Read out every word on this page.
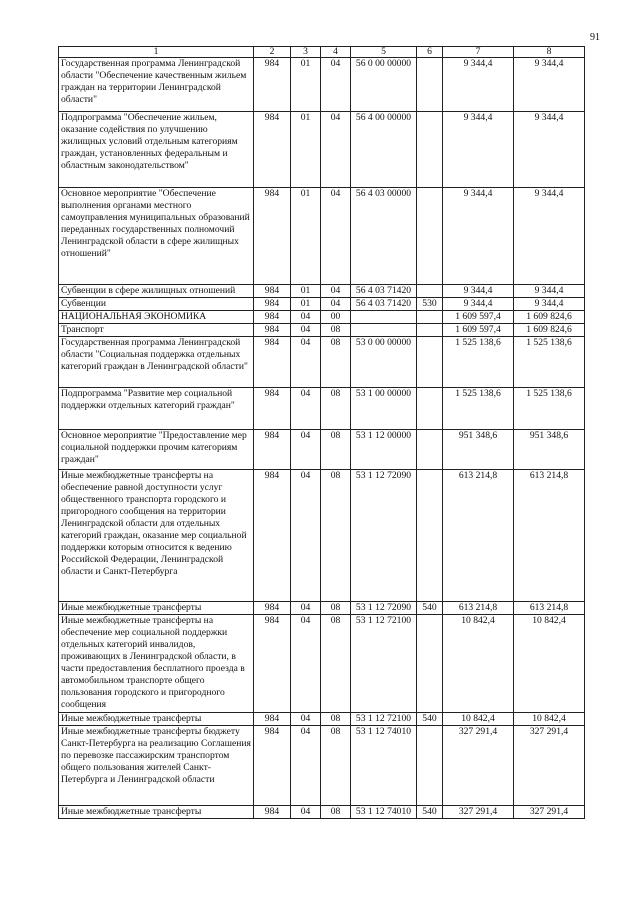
91
1	2	3	4	5	6	7	8
Государственная программа Ленинградской области "Обеспечение качественным жильем граждан на территории Ленинградской области"	984	01	04	56 0 00 00000		9 344,4	9 344,4
Подпрограмма "Обеспечение жильем, оказание содействия по улучшению жилищных условий отдельным категориям граждан, установленных федеральным и областным законодательством"	984	01	04	56 4 00 00000		9 344,4	9 344,4
Основное мероприятие "Обеспечение выполнения органами местного самоуправления муниципальных образований переданных государственных полномочий Ленинградской области в сфере жилищных отношений"	984	01	04	56 4 03 00000		9 344,4	9 344,4
Субвенции в сфере жилищных отношений	984	01	04	56 4 03 71420		9 344,4	9 344,4
Субвенции	984	01	04	56 4 03 71420	530	9 344,4	9 344,4
НАЦИОНАЛЬНАЯ ЭКОНОМИКА	984	04	00			1 609 597,4	1 609 824,6
Транспорт	984	04	08			1 609 597,4	1 609 824,6
Государственная программа Ленинградской области "Социальная поддержка отдельных категорий граждан в Ленинградской области"	984	04	08	53 0 00 00000		1 525 138,6	1 525 138,6
Подпрограмма "Развитие мер социальной поддержки отдельных категорий граждан"	984	04	08	53 1 00 00000		1 525 138,6	1 525 138,6
Основное мероприятие "Предоставление мер социальной поддержки прочим категориям граждан"	984	04	08	53 1 12 00000		951 348,6	951 348,6
Иные межбюджетные трансферты на обеспечение равной доступности услуг общественного транспорта городского и пригородного сообщения на территории Ленинградской области для отдельных категорий граждан, оказание мер социальной поддержки которым относится к ведению Российской Федерации, Ленинградской области и Санкт-Петербурга	984	04	08	53 1 12 72090		613 214,8	613 214,8
Иные межбюджетные трансферты	984	04	08	53 1 12 72090	540	613 214,8	613 214,8
Иные межбюджетные трансферты на обеспечение мер социальной поддержки отдельных категорий инвалидов, проживающих в Ленинградской области, в части предоставления бесплатного проезда в автомобильном транспорте общего пользования городского и пригородного сообщения	984	04	08	53 1 12 72100		10 842,4	10 842,4
Иные межбюджетные трансферты	984	04	08	53 1 12 72100	540	10 842,4	10 842,4
Иные межбюджетные трансферты бюджету Санкт-Петербурга на реализацию Соглашения по перевозке пассажирским транспортом общего пользования жителей Санкт-Петербурга и Ленинградской области	984	04	08	53 1 12 74010		327 291,4	327 291,4
Иные межбюджетные трансферты	984	04	08	53 1 12 74010	540	327 291,4	327 291,4
